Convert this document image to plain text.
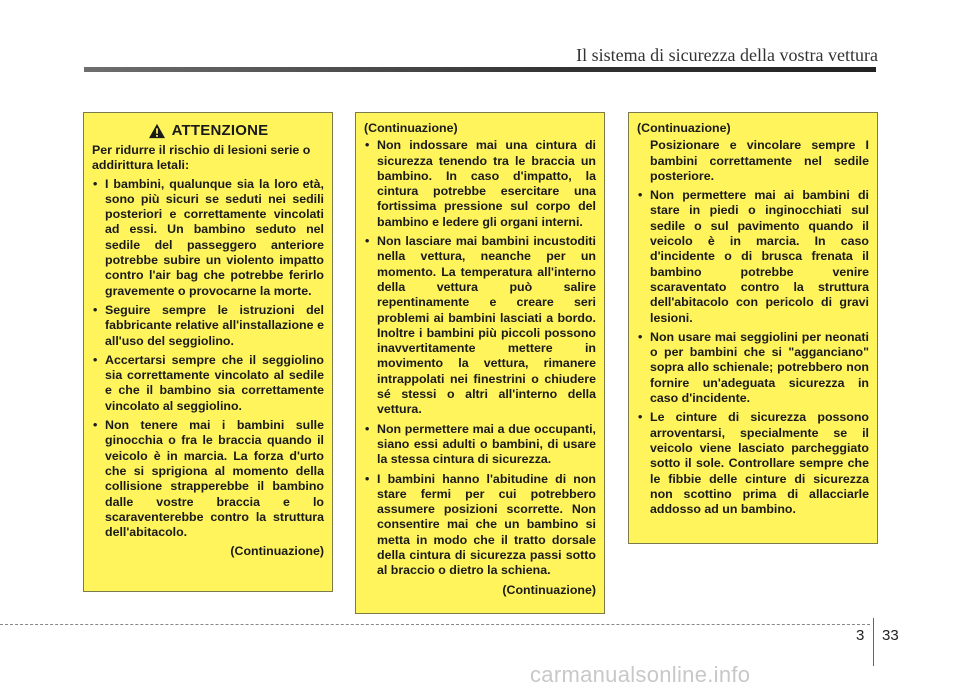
Il sistema di sicurezza della vostra vettura
ATTENZIONE
Per ridurre il rischio di lesioni serie o addirittura letali:
• I bambini, qualunque sia la loro età, sono più sicuri se seduti nei sedili posteriori e correttamente vincolati ad essi. Un bambino seduto nel sedile del passeggero anteriore potrebbe subire un violento impatto contro l'air bag che potrebbe ferirlo gravemente o provocarne la morte.
• Seguire sempre le istruzioni del fabbricante relative all'installazione e all'uso del seggiolino.
• Accertarsi sempre che il seggiolino sia correttamente vincolato al sedile e che il bambino sia correttamente vincolato al seggiolino.
• Non tenere mai i bambini sulle ginocchia o fra le braccia quando il veicolo è in marcia. La forza d'urto che si sprigiona al momento della collisione strapperebbe il bambino dalle vostre braccia e lo scaraventerebbe contro la struttura dell'abitacolo.
(Continuazione)
(Continuazione)
• Non indossare mai una cintura di sicurezza tenendo tra le braccia un bambino. In caso d'impatto, la cintura potrebbe esercitare una fortissima pressione sul corpo del bambino e ledere gli organi interni.
• Non lasciare mai bambini incustoditi nella vettura, neanche per un momento. La temperatura all'interno della vettura può salire repentinamente e creare seri problemi ai bambini lasciati a bordo. Inoltre i bambini più piccoli possono inavvertitamente mettere in movimento la vettura, rimanere intrappolati nei finestrini o chiudere sé stessi o altri all'interno della vettura.
• Non permettere mai a due occupanti, siano essi adulti o bambini, di usare la stessa cintura di sicurezza.
• I bambini hanno l'abitudine di non stare fermi per cui potrebbero assumere posizioni scorrette. Non consentire mai che un bambino si metta in modo che il tratto dorsale della cintura di sicurezza passi sotto al braccio o dietro la schiena.
(Continuazione)
(Continuazione)
Posizionare e vincolare sempre I bambini correttamente nel sedile posteriore.
• Non permettere mai ai bambini di stare in piedi o inginocchiati sul sedile o sul pavimento quando il veicolo è in marcia. In caso d'incidente o di brusca frenata il bambino potrebbe venire scaraventato contro la struttura dell'abitacolo con pericolo di gravi lesioni.
• Non usare mai seggiolini per neonati o per bambini che si "agganciano" sopra allo schienale; potrebbero non fornire un'adeguata sicurezza in caso d'incidente.
• Le cinture di sicurezza possono arroventarsi, specialmente se il veicolo viene lasciato parcheggiato sotto il sole. Controllare sempre che le fibbie delle cinture di sicurezza non scottino prima di allacciarle addosso ad un bambino.
3 33
carmanualsonline.info
